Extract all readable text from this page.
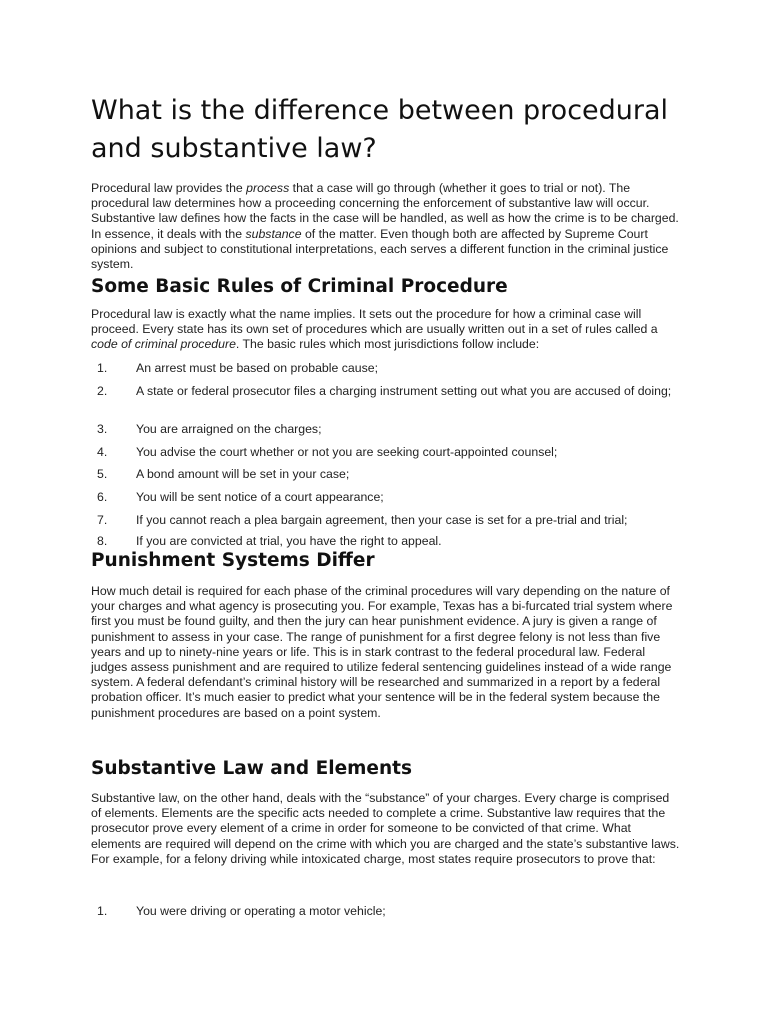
What is the difference between procedural and substantive law?

Procedural law provides the process that a case will go through (whether it goes to trial or not). The procedural law determines how a proceeding concerning the enforcement of substantive law will occur. Substantive law defines how the facts in the case will be handled, as well as how the crime is to be charged. In essence, it deals with the substance of the matter. Even though both are affected by Supreme Court opinions and subject to constitutional interpretations, each serves a different function in the criminal justice system.

Some Basic Rules of Criminal Procedure

Procedural law is exactly what the name implies. It sets out the procedure for how a criminal case will proceed. Every state has its own set of procedures which are usually written out in a set of rules called a code of criminal procedure. The basic rules which most jurisdictions follow include:

1.	An arrest must be based on probable cause;
2.	A state or federal prosecutor files a charging instrument setting out what you are accused of doing;
3.	You are arraigned on the charges;
4.	You advise the court whether or not you are seeking court-appointed counsel;
5.	A bond amount will be set in your case;
6.	You will be sent notice of a court appearance;
7.	If you cannot reach a plea bargain agreement, then your case is set for a pre-trial and trial;
8.	If you are convicted at trial, you have the right to appeal.
Punishment Systems Differ

How much detail is required for each phase of the criminal procedures will vary depending on the nature of your charges and what agency is prosecuting you. For example, Texas has a bi-furcated trial system where first you must be found guilty, and then the jury can hear punishment evidence. A jury is given a range of punishment to assess in your case. The range of punishment for a first degree felony is not less than five years and up to ninety-nine years or life. This is in stark contrast to the federal procedural law. Federal judges assess punishment and are required to utilize federal sentencing guidelines instead of a wide range system. A federal defendant’s criminal history will be researched and summarized in a report by a federal probation officer. It’s much easier to predict what your sentence will be in the federal system because the punishment procedures are based on a point system.

Substantive Law and Elements

Substantive law, on the other hand, deals with the “substance” of your charges. Every charge is comprised of elements. Elements are the specific acts needed to complete a crime. Substantive law requires that the prosecutor prove every element of a crime in order for someone to be convicted of that crime. What elements are required will depend on the crime with which you are charged and the state’s substantive laws. For example, for a felony driving while intoxicated charge, most states require prosecutors to prove that:

1.	You were driving or operating a motor vehicle;
